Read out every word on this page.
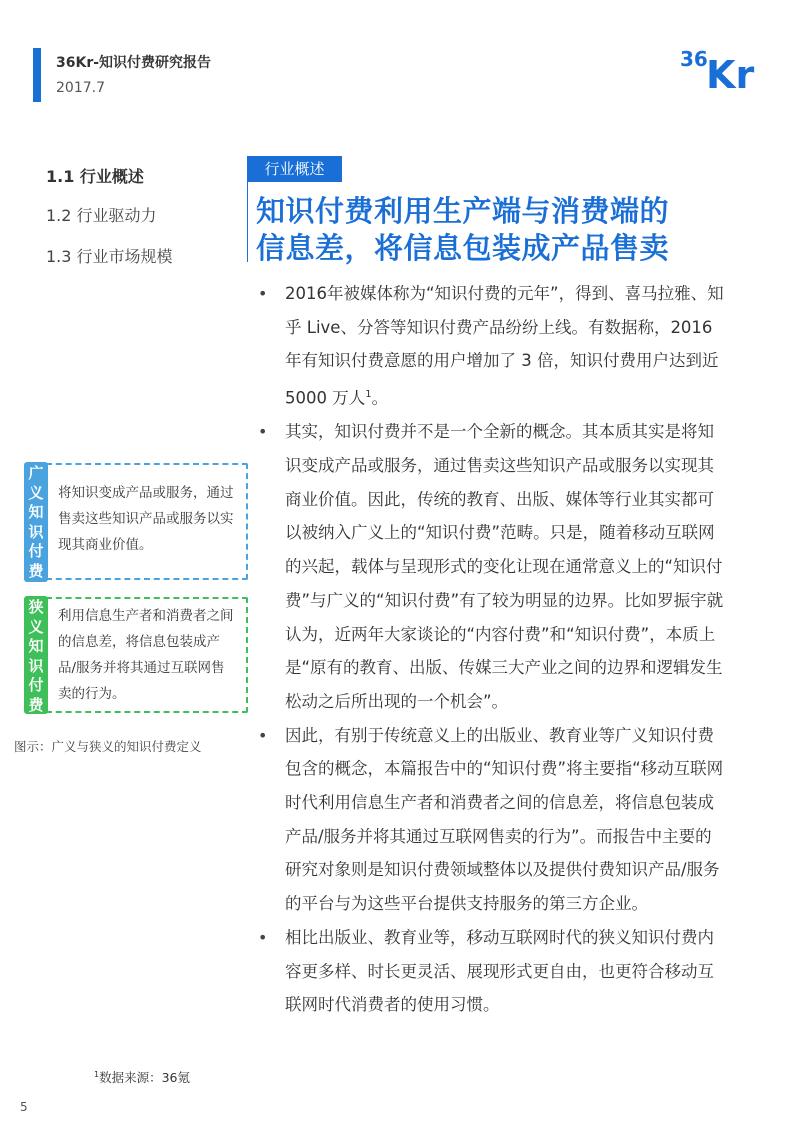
36Kr-知识付费研究报告
2017.7
36
Kr
1.1 行业概述
1.2 行业驱动力
1.3 行业市场规模
行业概述
知识付费利用生产端与消费端的
信息差，将信息包装成产品售卖
•	2016年被媒体称为“知识付费的元年”，得到、喜马拉雅、知乎 Live、分答等知识付费产品纷纷上线。有数据称，2016年有知识付费意愿的用户增加了 3 倍，知识付费用户达到近 5000 万人$^1$。
•	其实，知识付费并不是一个全新的概念。其本质其实是将知识变成产品或服务，通过售卖这些知识产品或服务以实现其商业价值。因此，传统的教育、出版、媒体等行业其实都可以被纳入广义上的“知识付费”范畴。只是，随着移动互联网的兴起，载体与呈现形式的变化让现在通常意义上的“知识付费”与广义的“知识付费”有了较为明显的边界。比如罗振宇就认为，近两年大家谈论的“内容付费”和“知识付费”，本质上是“原有的教育、出版、传媒三大产业之间的边界和逻辑发生松动之后所出现的一个机会”。
•	因此，有别于传统意义上的出版业、教育业等广义知识付费包含的概念，本篇报告中的“知识付费”将主要指“移动互联网时代利用信息生产者和消费者之间的信息差，将信息包装成产品/服务并将其通过互联网售卖的行为”。而报告中主要的研究对象则是知识付费领域整体以及提供付费知识产品/服务的平台与为这些平台提供支持服务的第三方企业。
•	相比出版业、教育业等，移动互联网时代的狭义知识付费内容更多样、时长更灵活、展现形式更自由，也更符合移动互联网时代消费者的使用习惯。
将知识变成产品或服务，通过售卖这些知识产品或服务以实现其商业价值。
广
义
知
识
付
费
利用信息生产者和消费者之间的信息差，将信息包装成产品/服务并将其通过互联网售卖的行为。
狭
义
知
识
付
费
图示：广义与狭义的知识付费定义
$^1$数据来源：36氪
5
